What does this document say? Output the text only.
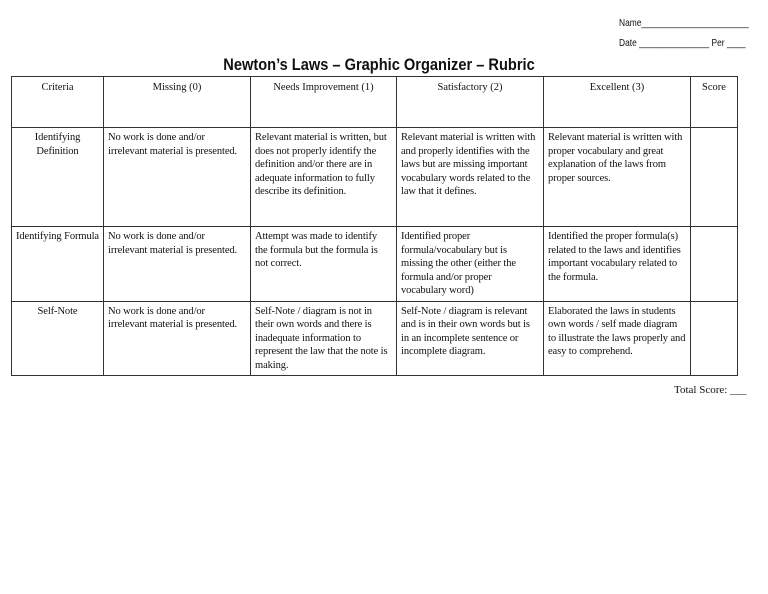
Name_______________________
Date _______________ Per ____
Newton’s Laws – Graphic Organizer – Rubric
Criteria	Missing (0)	Needs Improvement (1)	Satisfactory (2)	Excellent (3)	Score
Identifying Definition	No work is done and/or irrelevant material is presented.	Relevant material is written, but does not properly identify the definition and/or there are in adequate information to fully describe its definition.	Relevant material is written with and properly identifies with the laws but are missing important vocabulary words related to the law that it defines.	Relevant material is written with proper vocabulary and great explanation of the laws from proper sources.	
Identifying Formula	No work is done and/or irrelevant material is presented.	Attempt was made to identify the formula but the formula is not correct.	Identified proper formula/vocabulary but is missing the other (either the formula and/or proper vocabulary word)	Identified the proper formula(s) related to the laws and identifies important vocabulary related to the formula.	
Self-Note	No work is done and/or irrelevant material is presented.	Self-Note / diagram is not in their own words and there is inadequate information to represent the law that the note is making.	Self-Note / diagram is relevant and is in their own words but is in an incomplete sentence or incomplete diagram.	Elaborated the laws in students own words / self made diagram to illustrate the laws properly and easy to comprehend.	
Total Score: ___
